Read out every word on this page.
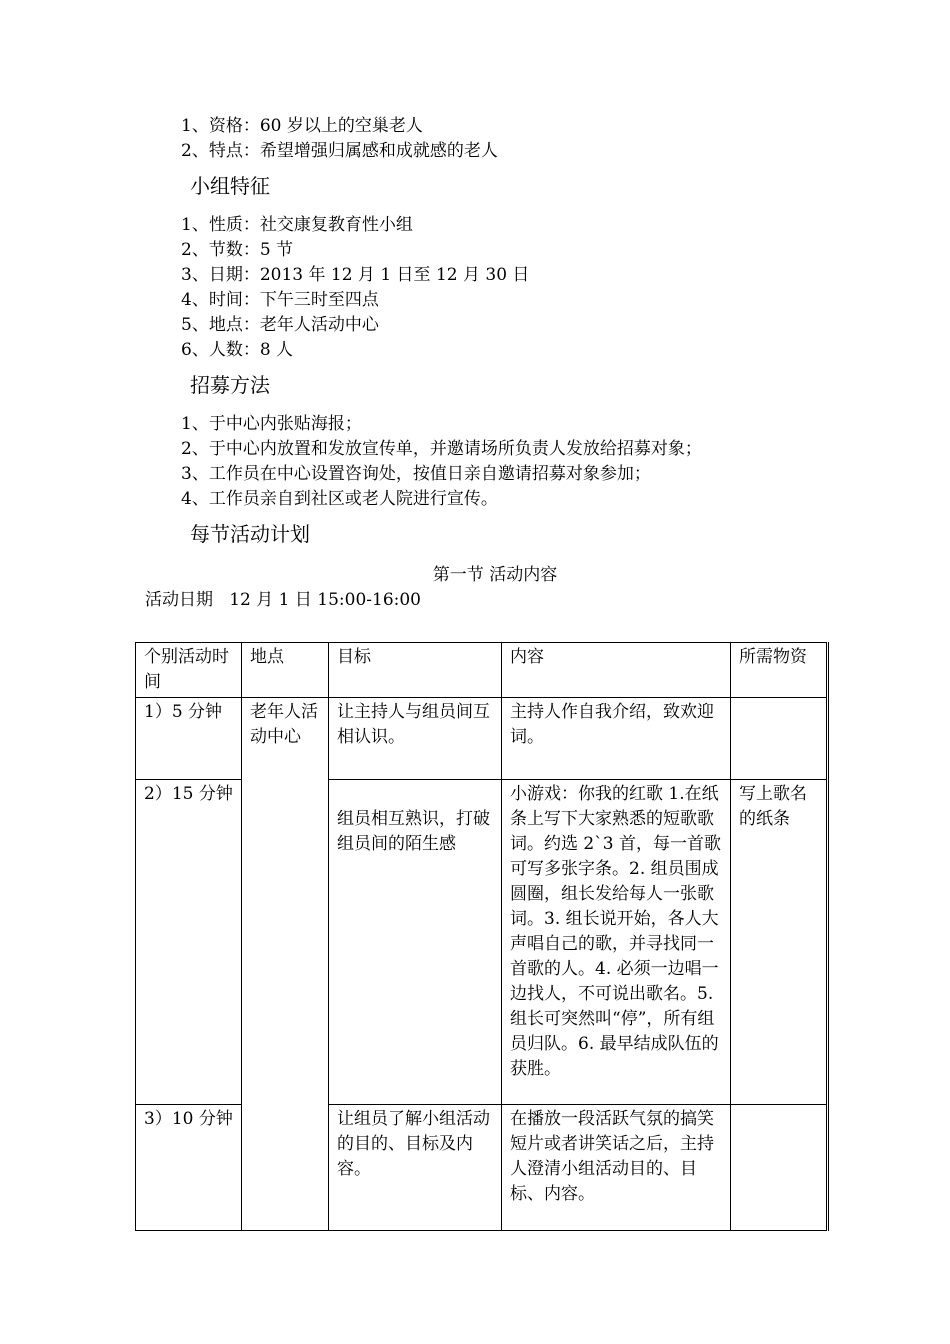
1、资格：60 岁以上的空巢老人
2、特点：希望增强归属感和成就感的老人
小组特征
1、性质：社交康复教育性小组
2、节数：5 节
3、日期：2013 年 12 月 1 日至 12 月 30 日
4、时间：下午三时至四点
5、地点：老年人活动中心
6、人数：8 人
招募方法
1、于中心内张贴海报；
2、于中心内放置和发放宣传单，并邀请场所负责人发放给招募对象；
3、工作员在中心设置咨询处，按值日亲自邀请招募对象参加；
4、工作员亲自到社区或老人院进行宣传。
每节活动计划
第一节 活动内容
活动日期   12 月 1 日 15:00-16:00
个别活动时间	地点	目标	内容	所需物资
1）5 分钟	老年人活动中心	让主持人与组员间互相认识。	主持人作自我介绍，致欢迎词。	
2）15 分钟		组员相互熟识，打破组员间的陌生感	小游戏：你我的红歌 1.在纸条上写下大家熟悉的短歌歌词。约选 2`3 首，每一首歌可写多张字条。2. 组员围成圆圈，组长发给每人一张歌词。3. 组长说开始，各人大声唱自己的歌，并寻找同一首歌的人。4. 必须一边唱一边找人，不可说出歌名。5. 组长可突然叫“停”，所有组员归队。6. 最早结成队伍的获胜。	写上歌名的纸条
3）10 分钟		让组员了解小组活动的目的、目标及内容。	在播放一段活跃气氛的搞笑短片或者讲笑话之后，主持人澄清小组活动目的、目标、内容。	
